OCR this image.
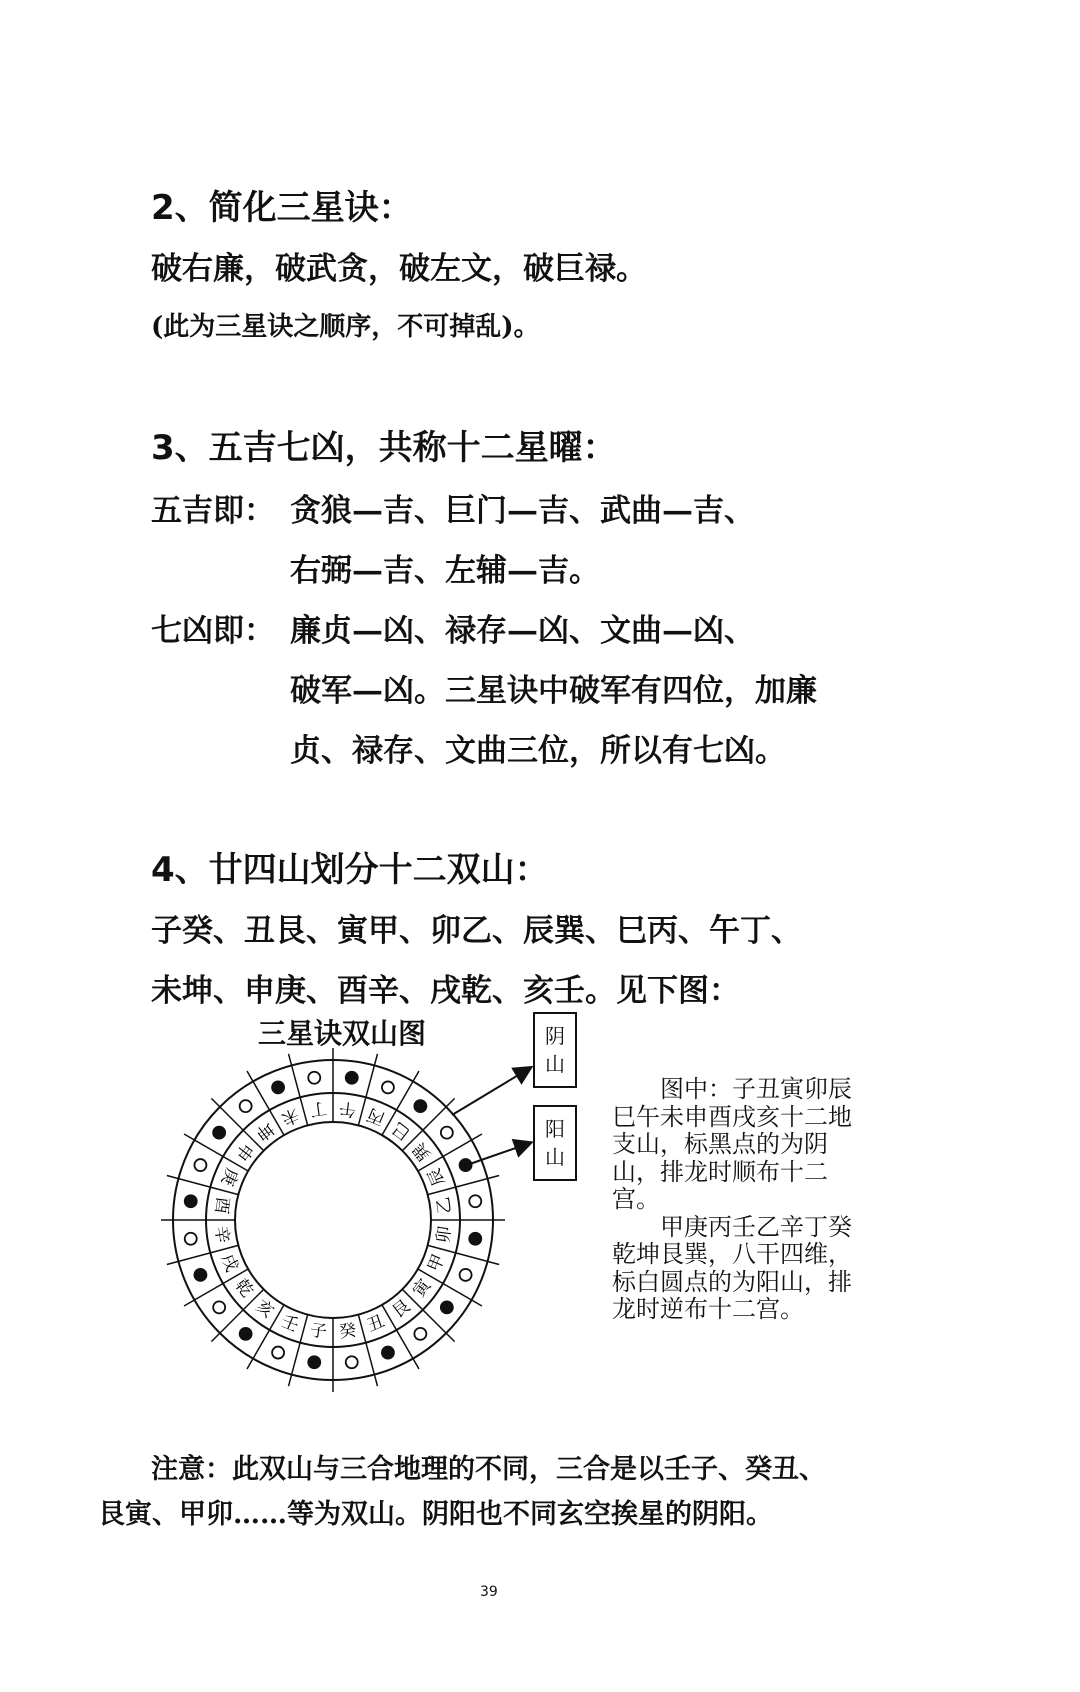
2、简化三星诀：
破右廉，破武贪，破左文，破巨禄。
(此为三星诀之顺序，不可掉乱)。
3、五吉七凶，共称十二星曜：
五吉即： 贪狼—吉、巨门—吉、武曲—吉、
右弼—吉、左辅—吉。
七凶即： 廉贞—凶、禄存—凶、文曲—凶、
破军—凶。三星诀中破军有四位，加廉
贞、禄存、文曲三位，所以有七凶。
4、廿四山划分十二双山：
子癸、丑艮、寅甲、卯乙、辰巽、巳丙、午丁、
未坤、申庚、酉辛、戌乾、亥壬。见下图：
三星诀双山图	阴
山
阳
山
壬 子 癸 丑
艮
寅
甲
卯
乙
辰
巽
巳
丙
午
丁
未
坤
申
庚
酉
辛
戌
乾
亥

图中：子丑寅卯辰巳午未申酉戌亥十二地支山，标黑点的为阴山，排龙时顺布十二宫。

甲庚丙壬乙辛丁癸乾坤艮巽，八干四维，标白圆点的为阳山，排龙时逆布十二宫。

注意：此双山与三合地理的不同，三合是以壬子、癸丑、
艮寅、甲卯……等为双山。阴阳也不同玄空挨星的阴阳。
39
